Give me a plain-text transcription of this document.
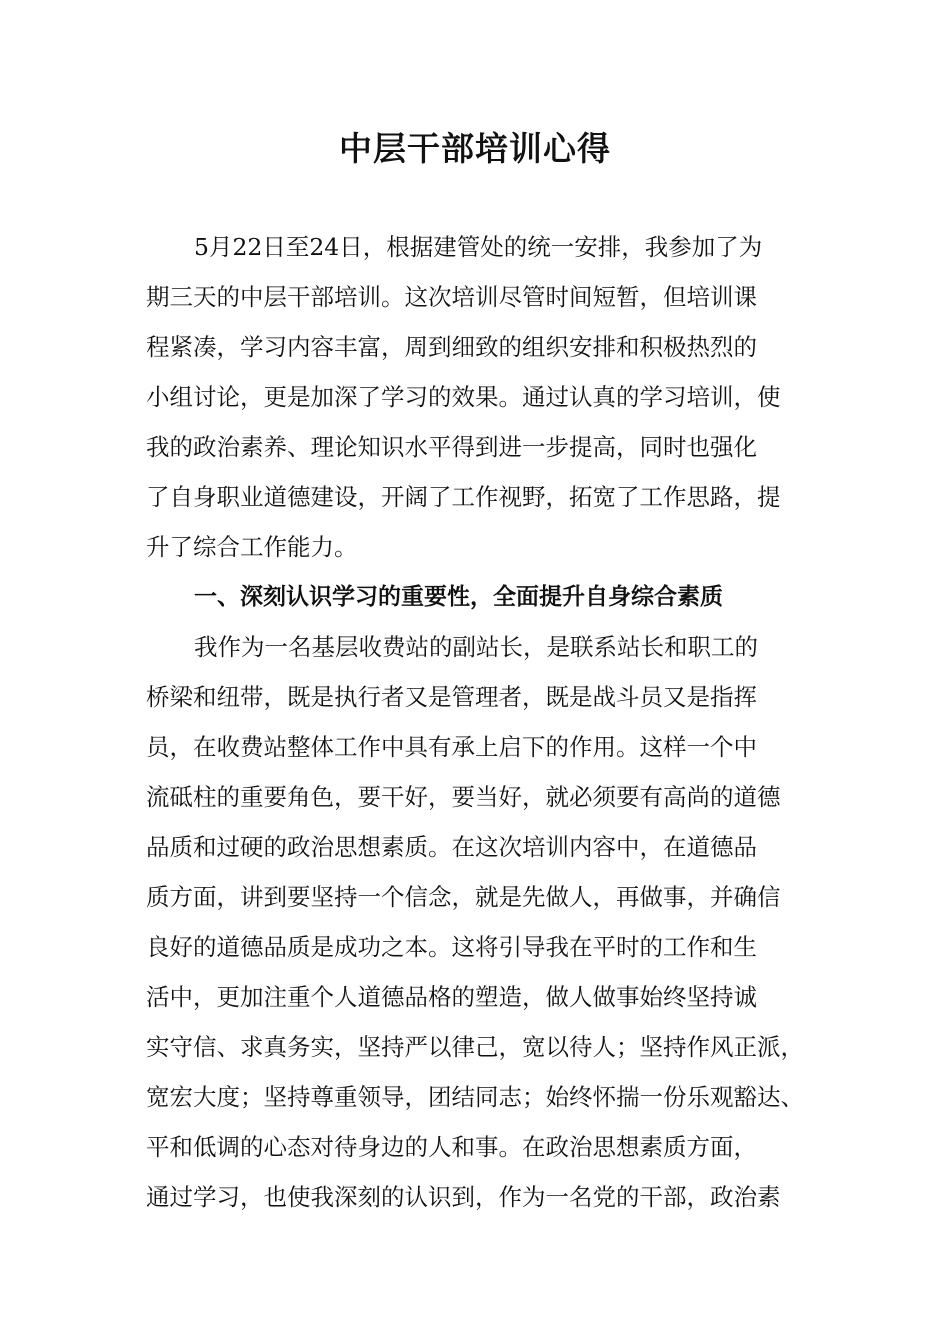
中层干部培训心得

5月22日至24日，根据建管处的统一安排，我参加了为

期三天的中层干部培训。这次培训尽管时间短暂，但培训课

程紧凑，学习内容丰富，周到细致的组织安排和积极热烈的

小组讨论，更是加深了学习的效果。通过认真的学习培训，使

我的政治素养、理论知识水平得到进一步提高，同时也强化

了自身职业道德建设，开阔了工作视野，拓宽了工作思路，提

升了综合工作能力。

一、深刻认识学习的重要性，全面提升自身综合素质

我作为一名基层收费站的副站长，是联系站长和职工的

桥梁和纽带，既是执行者又是管理者，既是战斗员又是指挥

员，在收费站整体工作中具有承上启下的作用。这样一个中

流砥柱的重要角色，要干好，要当好，就必须要有高尚的道德

品质和过硬的政治思想素质。在这次培训内容中，在道德品

质方面，讲到要坚持一个信念，就是先做人，再做事，并确信

良好的道德品质是成功之本。这将引导我在平时的工作和生

活中，更加注重个人道德品格的塑造，做人做事始终坚持诚

实守信、求真务实，坚持严以律己，宽以待人；坚持作风正派，

宽宏大度；坚持尊重领导，团结同志；始终怀揣一份乐观豁达、

平和低调的心态对待身边的人和事。在政治思想素质方面，

通过学习，也使我深刻的认识到，作为一名党的干部，政治素
